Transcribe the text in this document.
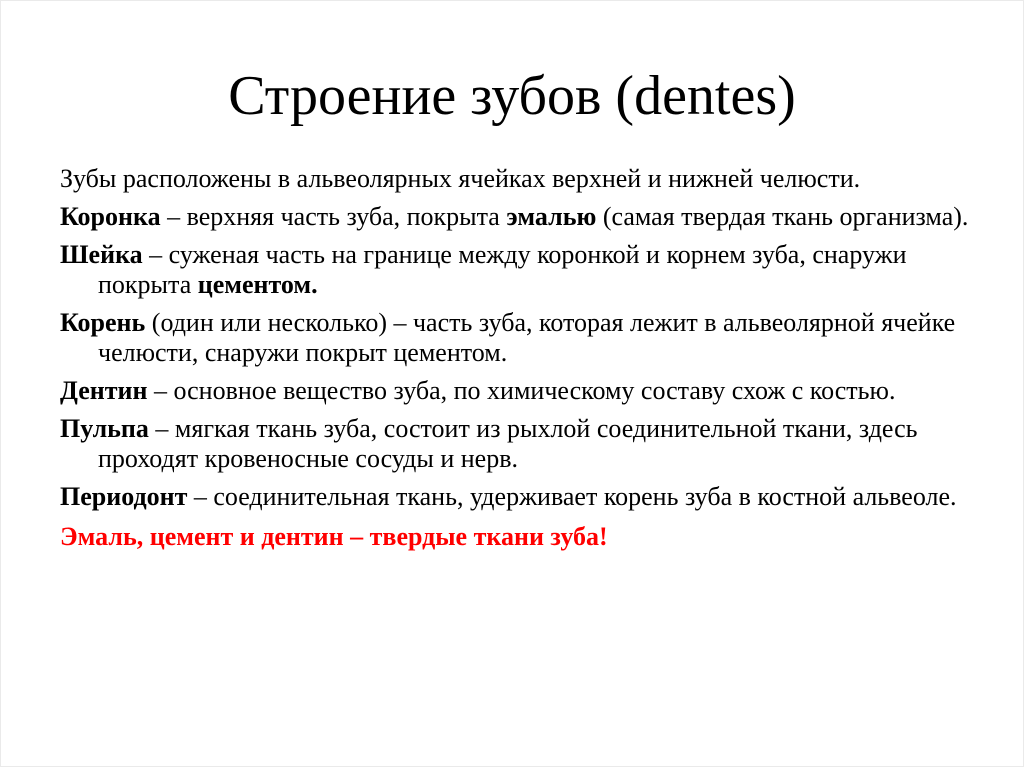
Строение зубов (dentes)
Зубы расположены в альвеолярных ячейках верхней и нижней челюсти.
Коронка – верхняя часть зуба, покрыта эмалью (самая твердая ткань организма).
Шейка – суженая часть на границе между коронкой и корнем зуба, снаружи покрыта цементом.
Корень (один или несколько) – часть зуба, которая лежит в альвеолярной ячейке челюсти, снаружи покрыт цементом.
Дентин – основное вещество зуба, по химическому составу схож с костью.
Пульпа – мягкая ткань зуба, состоит из рыхлой соединительной ткани, здесь проходят кровеносные сосуды и нерв.
Периодонт – соединительная ткань, удерживает корень зуба в костной альвеоле.
Эмаль, цемент и дентин – твердые ткани зуба!
